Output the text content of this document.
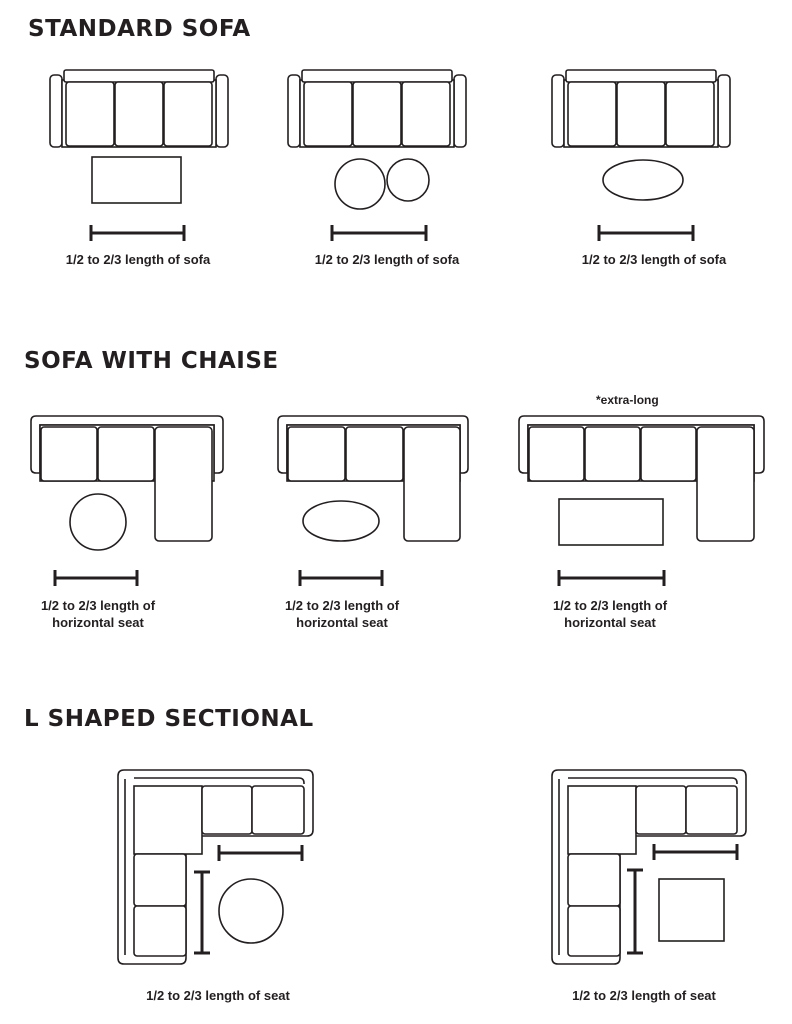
STANDARD SOFA
SOFA WITH CHAISE
L SHAPED SECTIONAL
1/2 to 2/3 length of sofa	1/2 to 2/3 length of sofa	1/2 to 2/3 length of sofa
*extra-long
1/2 to 2/3 length of
horizontal seat
1/2 to 2/3 length of
horizontal seat
1/2 to 2/3 length of
horizontal seat
1/2 to 2/3 length of seat	1/2 to 2/3 length of seat
